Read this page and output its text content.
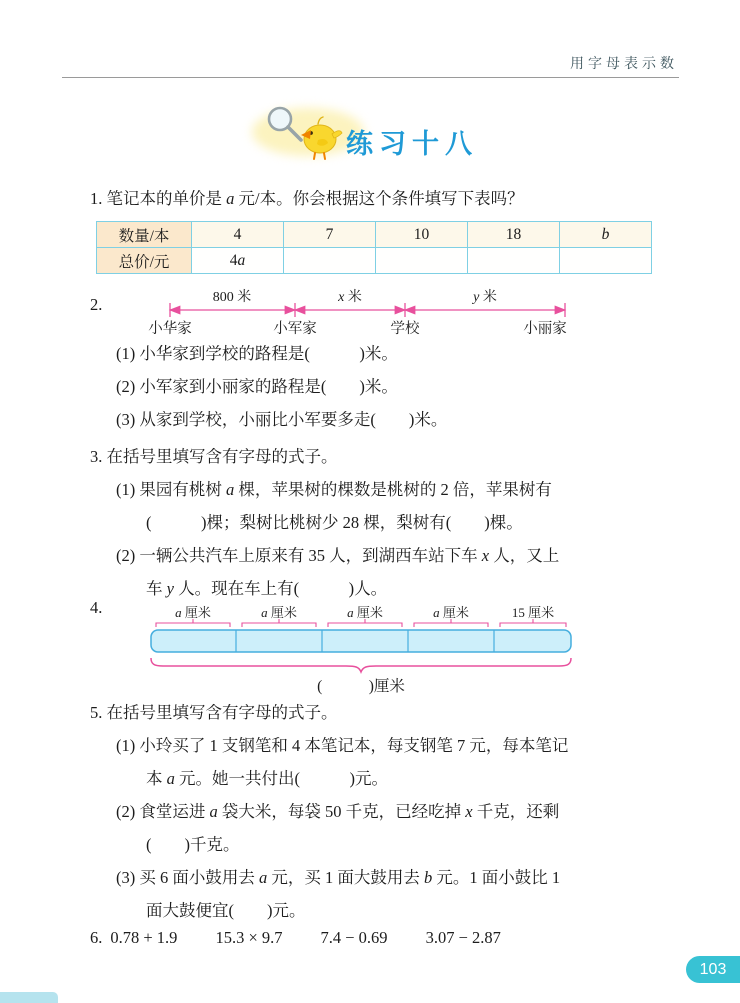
用字母表示数
练习十八
1. 笔记本的单价是 a 元/本。你会根据这个条件填写下表吗？
数量/本	4	7	10	18	b
总价/元	4a				
2.	800 米	x 米	y 米
小华家	小军家	学校	小丽家
(1) 小华家到学校的路程是(　　　)米。
(2) 小军家到小丽家的路程是(　　)米。
(3) 从家到学校，小丽比小军要多走(　　)米。
3. 在括号里填写含有字母的式子。
(1) 果园有桃树 a 棵，苹果树的棵数是桃树的 2 倍，苹果树有
(　　　)棵；梨树比桃树少 28 棵，梨树有(　　)棵。
(2) 一辆公共汽车上原来有 35 人，到湖西车站下车 x 人，又上
车 y 人。现在车上有(　　　)人。
4.	a 厘米	a 厘米	a 厘米	a 厘米	15 厘米
(　　　)厘米
5. 在括号里填写含有字母的式子。
(1) 小玲买了 1 支钢笔和 4 本笔记本，每支钢笔 7 元，每本笔记
本 a 元。她一共付出(　　　)元。
(2) 食堂运进 a 袋大米，每袋 50 千克，已经吃掉 x 千克，还剩
(　　)千克。
(3) 买 6 面小鼓用去 a 元，买 1 面大鼓用去 b 元。1 面小鼓比 1
面大鼓便宜(　　)元。
6. 0.78 + 1.9 15.3 × 9.7 7.4 − 0.69 3.07 − 2.87
103
